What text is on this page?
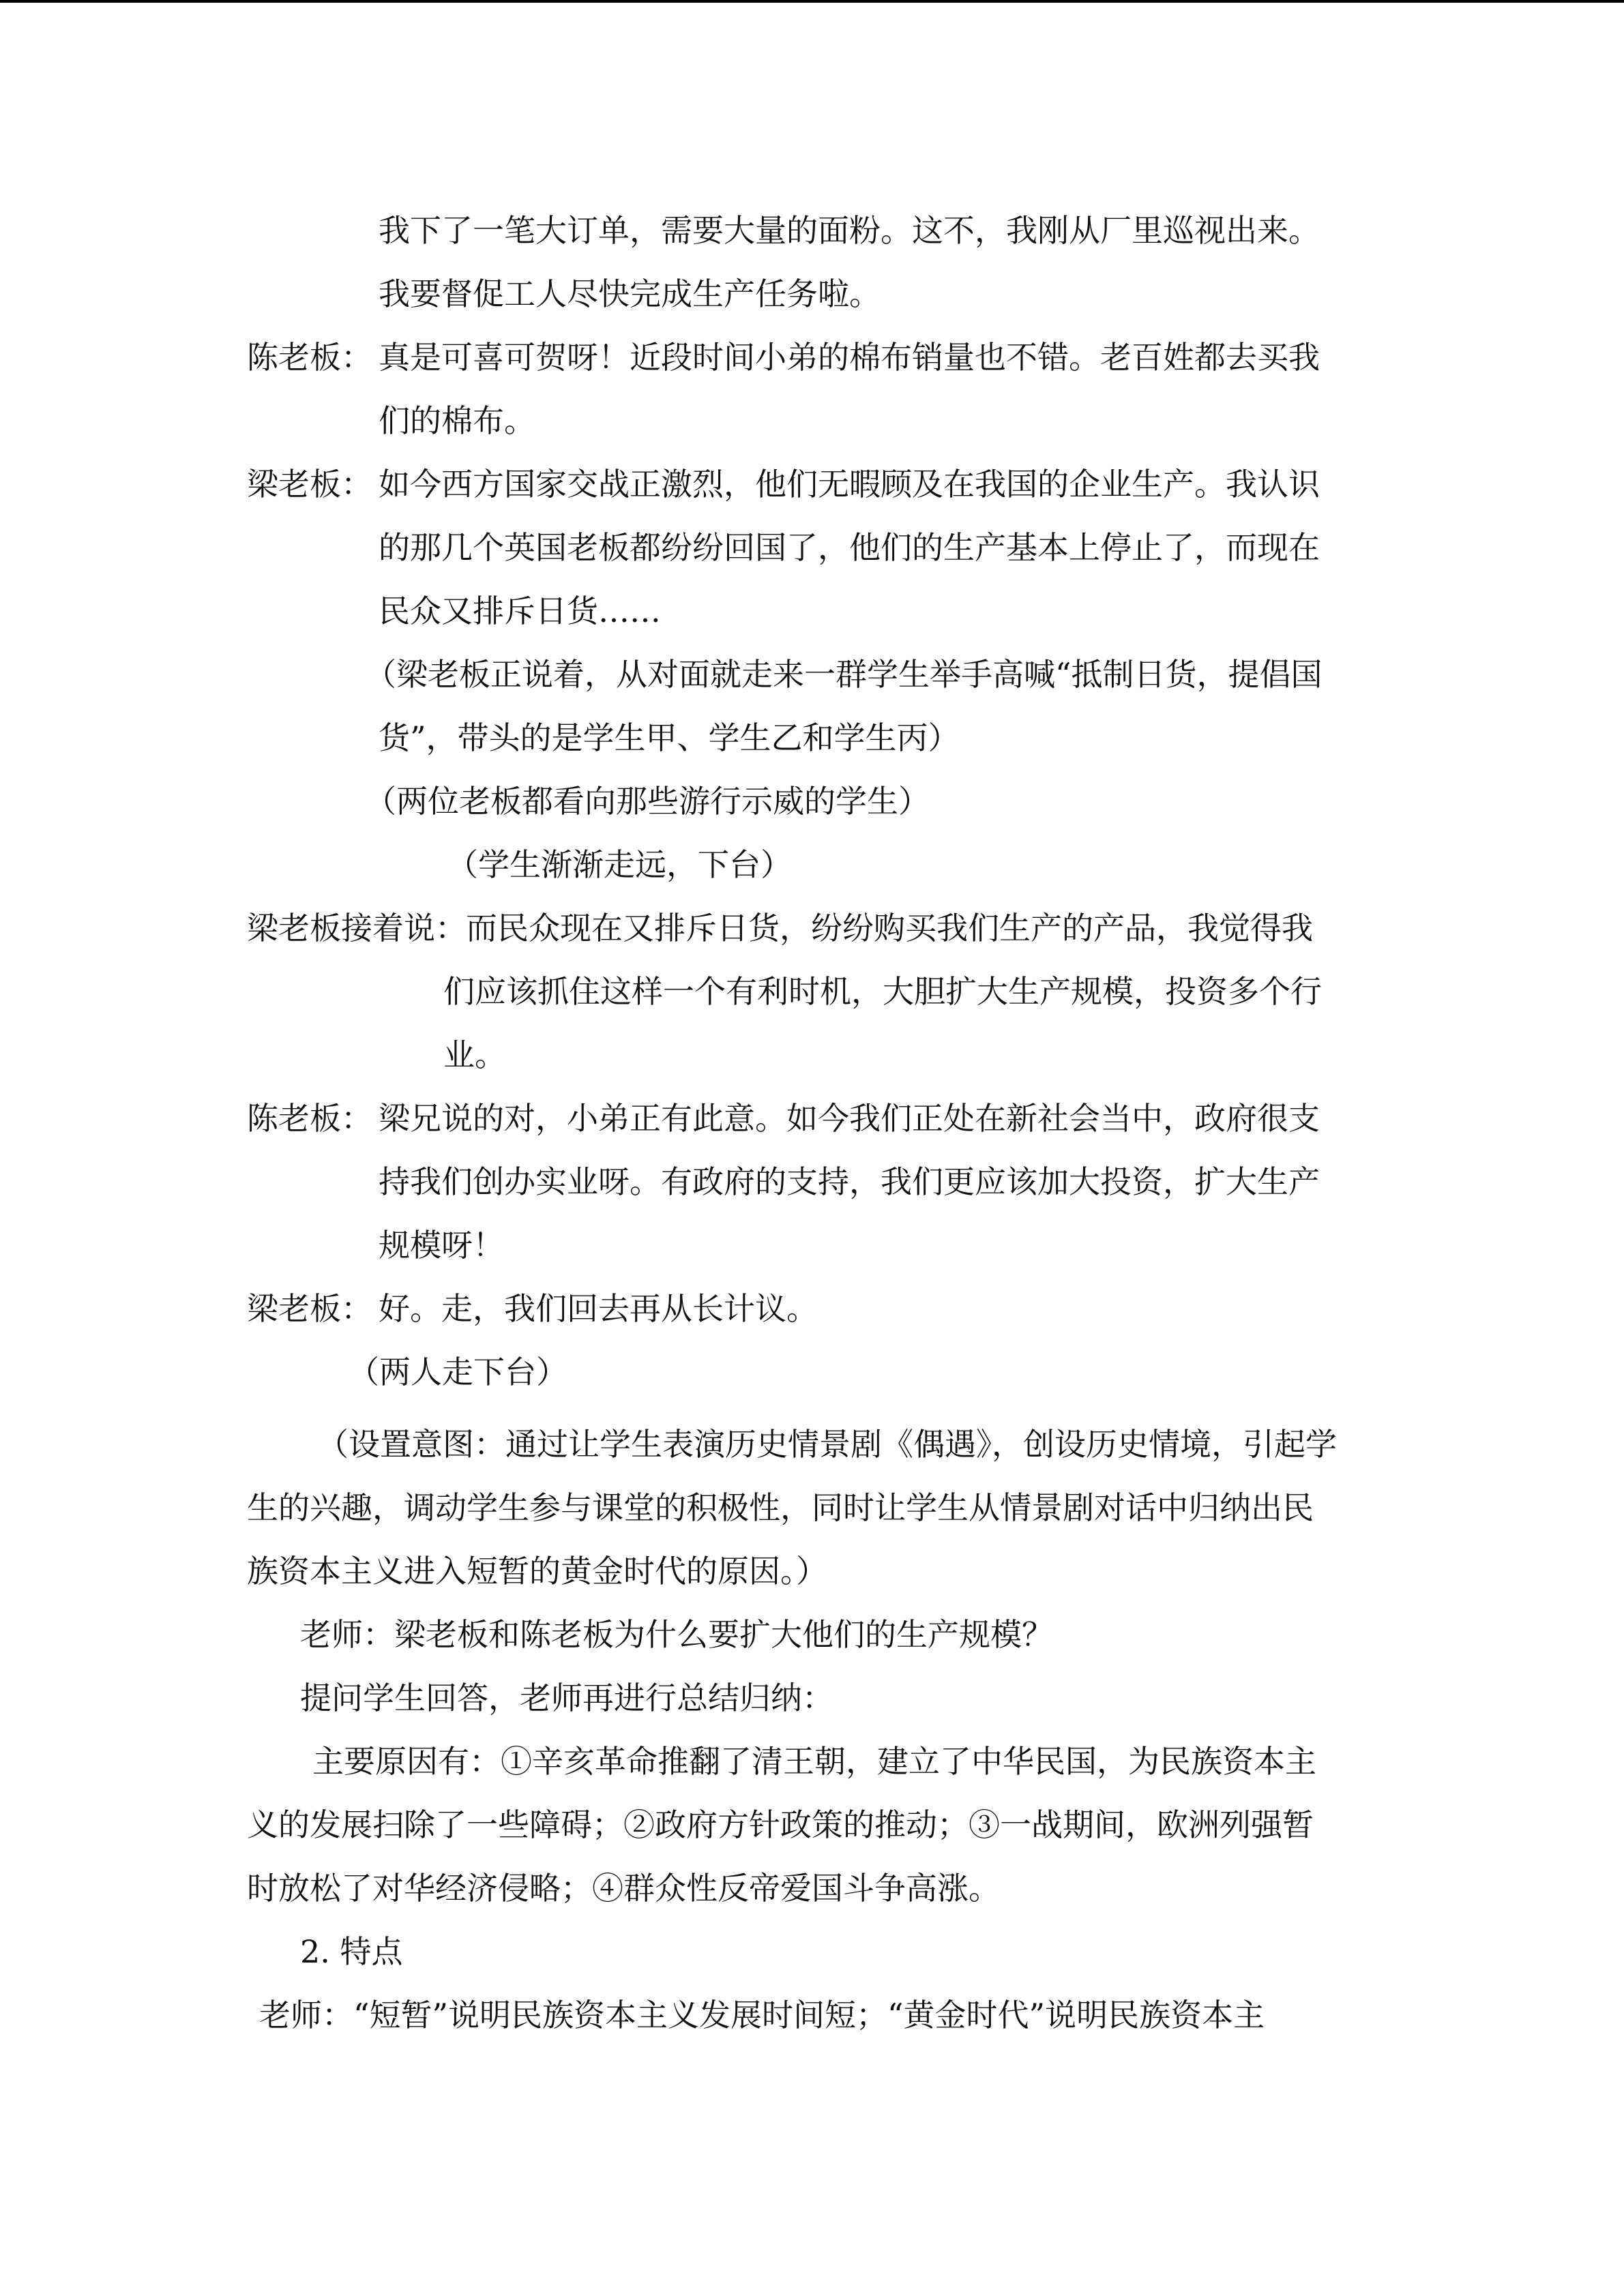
我下了一笔大订单，需要大量的面粉。这不，我刚从厂里巡视出来。
我要督促工人尽快完成生产任务啦。
陈老板： 真是可喜可贺呀！近段时间小弟的棉布销量也不错。老百姓都去买我
们的棉布。
梁老板： 如今西方国家交战正激烈，他们无暇顾及在我国的企业生产。我认识
的那几个英国老板都纷纷回国了，他们的生产基本上停止了，而现在
民众又排斥日货……
（梁老板正说着，从对面就走来一群学生举手高喊“抵制日货，提倡国
货”，带头的是学生甲、学生乙和学生丙）
（两位老板都看向那些游行示威的学生）
（学生渐渐走远，下台）
梁老板接着说： 而民众现在又排斥日货，纷纷购买我们生产的产品，我觉得我
们应该抓住这样一个有利时机，大胆扩大生产规模，投资多个行
业。
陈老板： 梁兄说的对，小弟正有此意。如今我们正处在新社会当中，政府很支
持我们创办实业呀。有政府的支持，我们更应该加大投资，扩大生产
规模呀！
梁老板： 好。走，我们回去再从长计议。
（两人走下台）
（设置意图：通过让学生表演历史情景剧《偶遇》，创设历史情境，引起学
生的兴趣，调动学生参与课堂的积极性，同时让学生从情景剧对话中归纳出民
族资本主义进入短暂的黄金时代的原因。）
老师：梁老板和陈老板为什么要扩大他们的生产规模？
提问学生回答，老师再进行总结归纳：
主要原因有：①辛亥革命推翻了清王朝，建立了中华民国，为民族资本主
义的发展扫除了一些障碍；②政府方针政策的推动；③一战期间，欧洲列强暂
时放松了对华经济侵略；④群众性反帝爱国斗争高涨。
2. 特点
老师：“短暂”说明民族资本主义发展时间短；“黄金时代”说明民族资本主
